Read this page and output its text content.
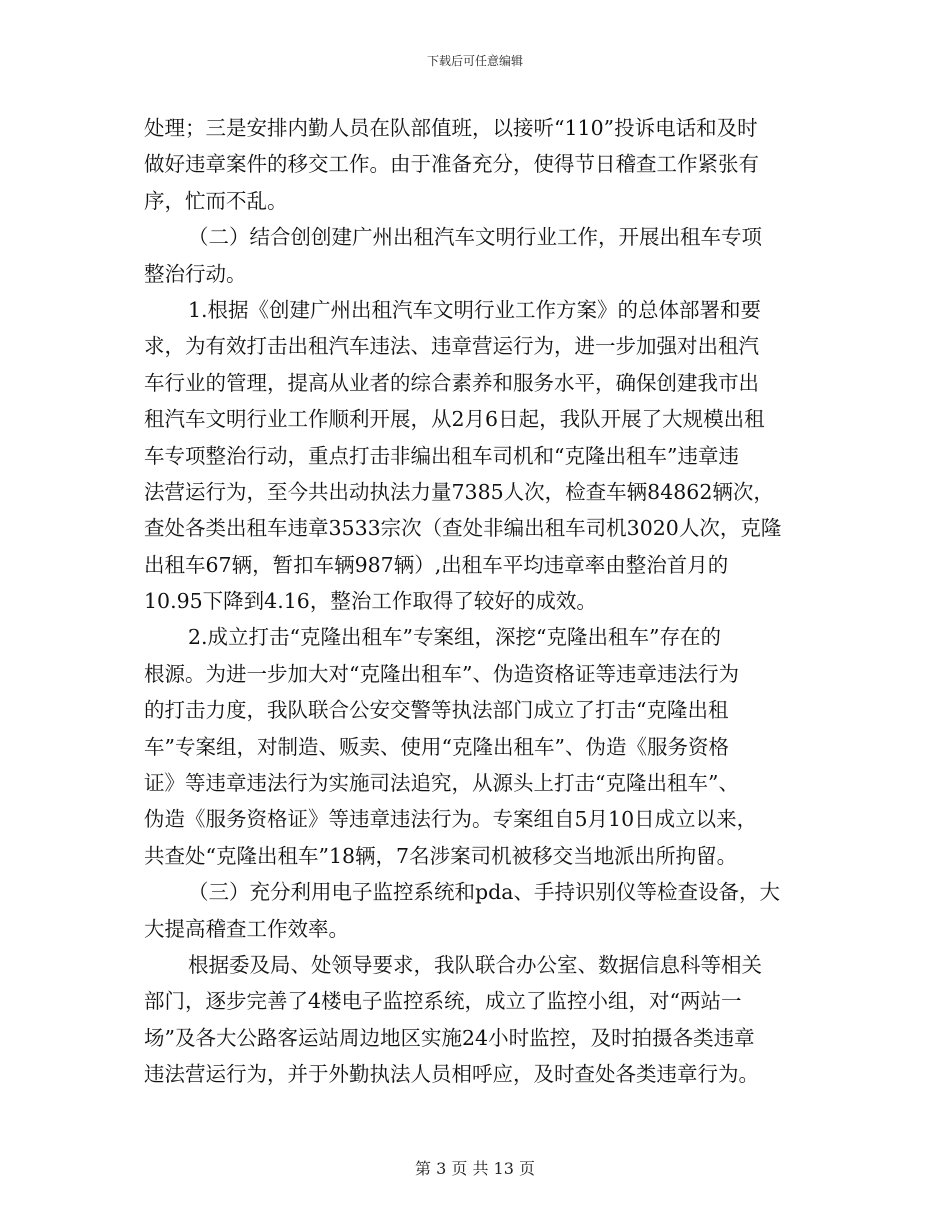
下载后可任意编辑
处理；三是安排内勤人员在队部值班，以接听“110”投诉电话和及时
做好违章案件的移交工作。由于准备充分，使得节日稽查工作紧张有
序，忙而不乱。
（二）结合创创建广州出租汽车文明行业工作，开展出租车专项
整治行动。
1.根据《创建广州出租汽车文明行业工作方案》的总体部署和要
求，为有效打击出租汽车违法、违章营运行为，进一步加强对出租汽
车行业的管理，提高从业者的综合素养和服务水平，确保创建我市出
租汽车文明行业工作顺利开展，从2月6日起，我队开展了大规模出租
车专项整治行动，重点打击非编出租车司机和“克隆出租车”违章违
法营运行为，至今共出动执法力量7385人次，检查车辆84862辆次，
查处各类出租车违章3533宗次（查处非编出租车司机3020人次，克隆
出租车67辆，暂扣车辆987辆）,出租车平均违章率由整治首月的
10.95下降到4.16，整治工作取得了较好的成效。
2.成立打击“克隆出租车”专案组，深挖“克隆出租车”存在的
根源。为进一步加大对“克隆出租车”、伪造资格证等违章违法行为
的打击力度，我队联合公安交警等执法部门成立了打击“克隆出租
车”专案组，对制造、贩卖、使用“克隆出租车”、伪造《服务资格
证》等违章违法行为实施司法追究，从源头上打击“克隆出租车”、
伪造《服务资格证》等违章违法行为。专案组自5月10日成立以来，
共查处“克隆出租车”18辆，7名涉案司机被移交当地派出所拘留。
（三）充分利用电子监控系统和pda、手持识别仪等检查设备，大
大提高稽查工作效率。
根据委及局、处领导要求，我队联合办公室、数据信息科等相关
部门，逐步完善了4楼电子监控系统，成立了监控小组，对“两站一
场”及各大公路客运站周边地区实施24小时监控，及时拍摄各类违章
违法营运行为，并于外勤执法人员相呼应，及时查处各类违章行为。
第 3 页 共 13 页
